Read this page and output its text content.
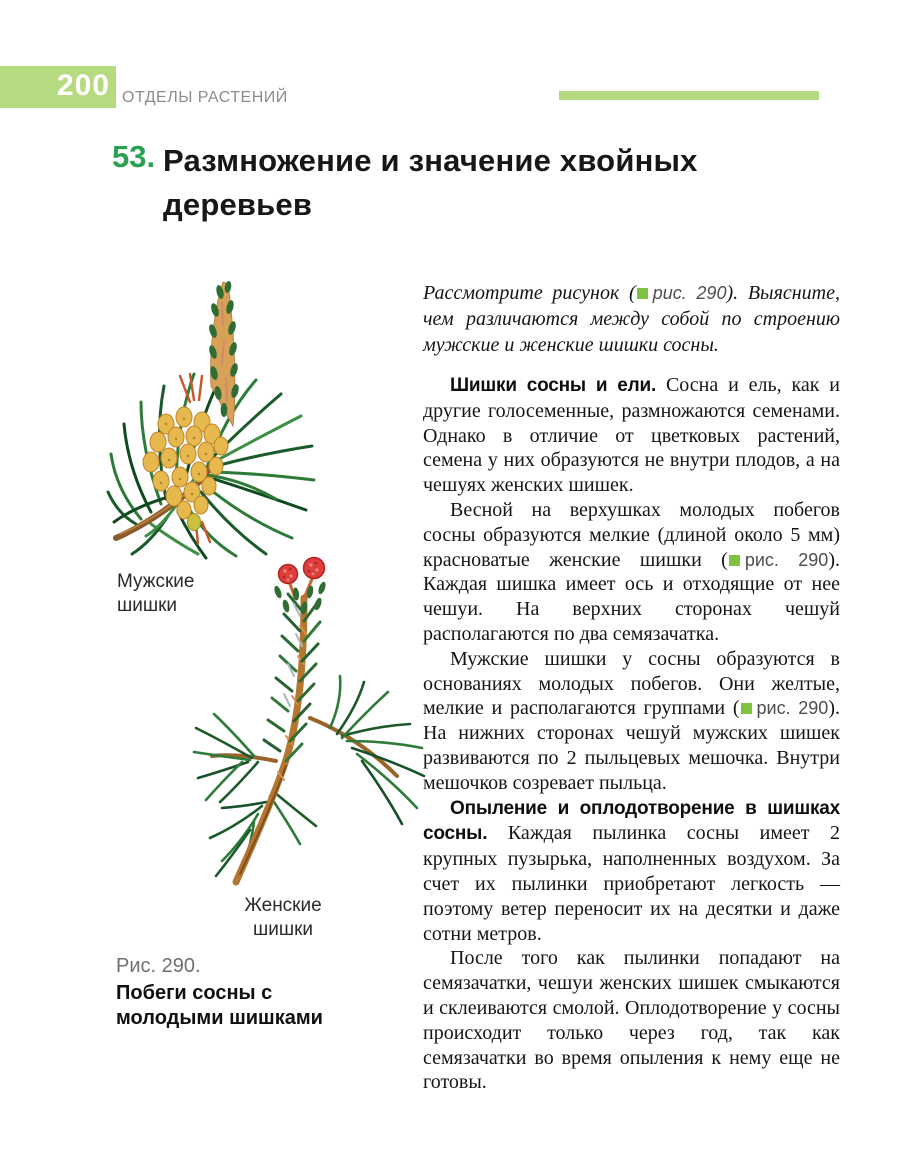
200 ОТДЕЛЫ РАСТЕНИЙ
53. Размножение и значение хвойных деревьев
Мужские шишки
Женские шишки
Рис. 290.
Побеги сосны с молодыми шишками

Рассмотрите рисунок ( рис. 290). Выясните, чем различаются между собой по строению мужские и женские шишки сосны.

Шишки сосны и ели. Сосна и ель, как и другие голосеменные, размножаются семенами. Однако в отличие от цветковых растений, семена у них образуются не внутри плодов, а на чешуях женских шишек.

Весной на верхушках молодых побегов сосны образуются мелкие (длиной около 5 мм) красноватые женские шишки ( рис. 290). Каждая шишка имеет ось и отходящие от нее чешуи. На верхних сторонах чешуй располагаются по два семязачатка.

Мужские шишки у сосны образуются в основаниях молодых побегов. Они желтые, мелкие и располагаются группами ( рис. 290). На нижних сторонах чешуй мужских шишек развиваются по 2 пыльцевых мешочка. Внутри мешочков созревает пыльца.

Опыление и оплодотворение в шишках сосны. Каждая пылинка сосны имеет 2 крупных пузырька, наполненных воздухом. За счет их пылинки приобретают легкость — поэтому ветер переносит их на десятки и даже сотни метров.

После того как пылинки попадают на семязачатки, чешуи женских шишек смыкаются и склеиваются смолой. Оплодотворение у сосны происходит только через год, так как семязачатки во время опыления к нему еще не готовы.
